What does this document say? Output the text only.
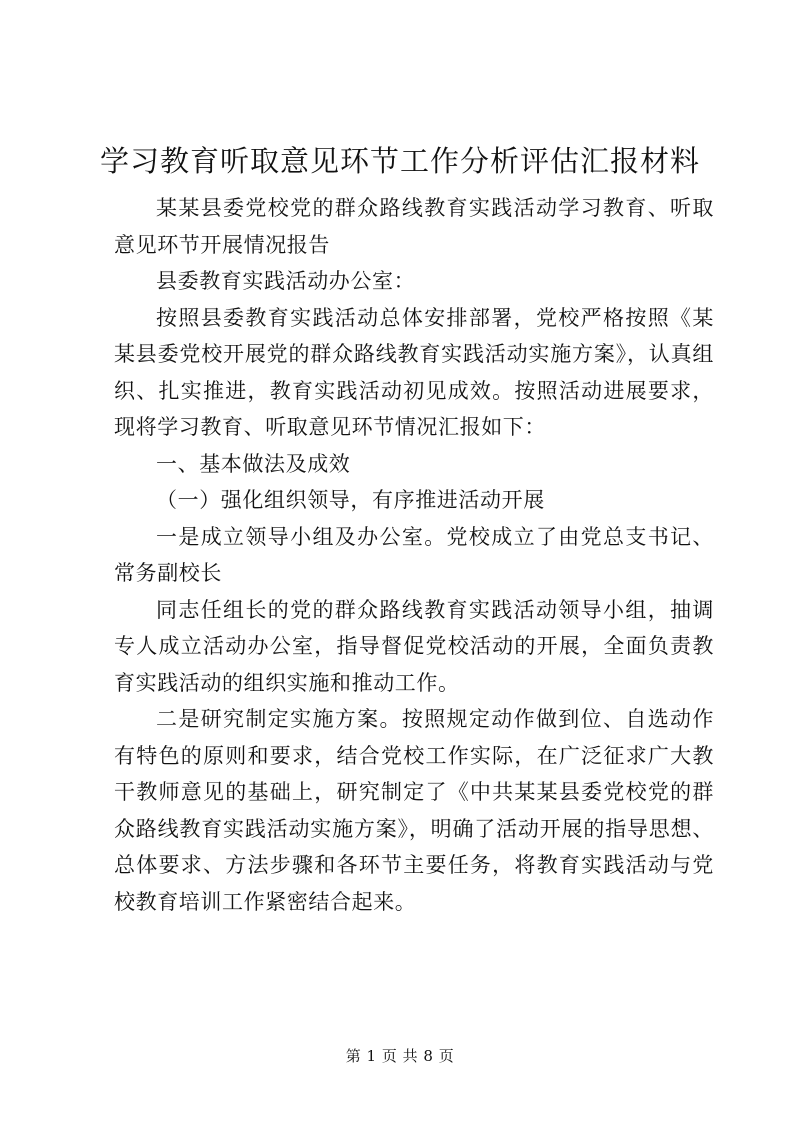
学习教育听取意见环节工作分析评估汇报材料

某某县委党校党的群众路线教育实践活动学习教育、听取意见环节开展情况报告

县委教育实践活动办公室：

按照县委教育实践活动总体安排部署，党校严格按照《某某县委党校开展党的群众路线教育实践活动实施方案》，认真组织、扎实推进，教育实践活动初见成效。按照活动进展要求，现将学习教育、听取意见环节情况汇报如下：

一、基本做法及成效

（一）强化组织领导，有序推进活动开展

一是成立领导小组及办公室。党校成立了由党总支书记、常务副校长

同志任组长的党的群众路线教育实践活动领导小组，抽调专人成立活动办公室，指导督促党校活动的开展，全面负责教育实践活动的组织实施和推动工作。

二是研究制定实施方案。按照规定动作做到位、自选动作有特色的原则和要求，结合党校工作实际，在广泛征求广大教干教师意见的基础上，研究制定了《中共某某县委党校党的群众路线教育实践活动实施方案》，明确了活动开展的指导思想、总体要求、方法步骤和各环节主要任务，将教育实践活动与党校教育培训工作紧密结合起来。

第 1 页 共 8 页
